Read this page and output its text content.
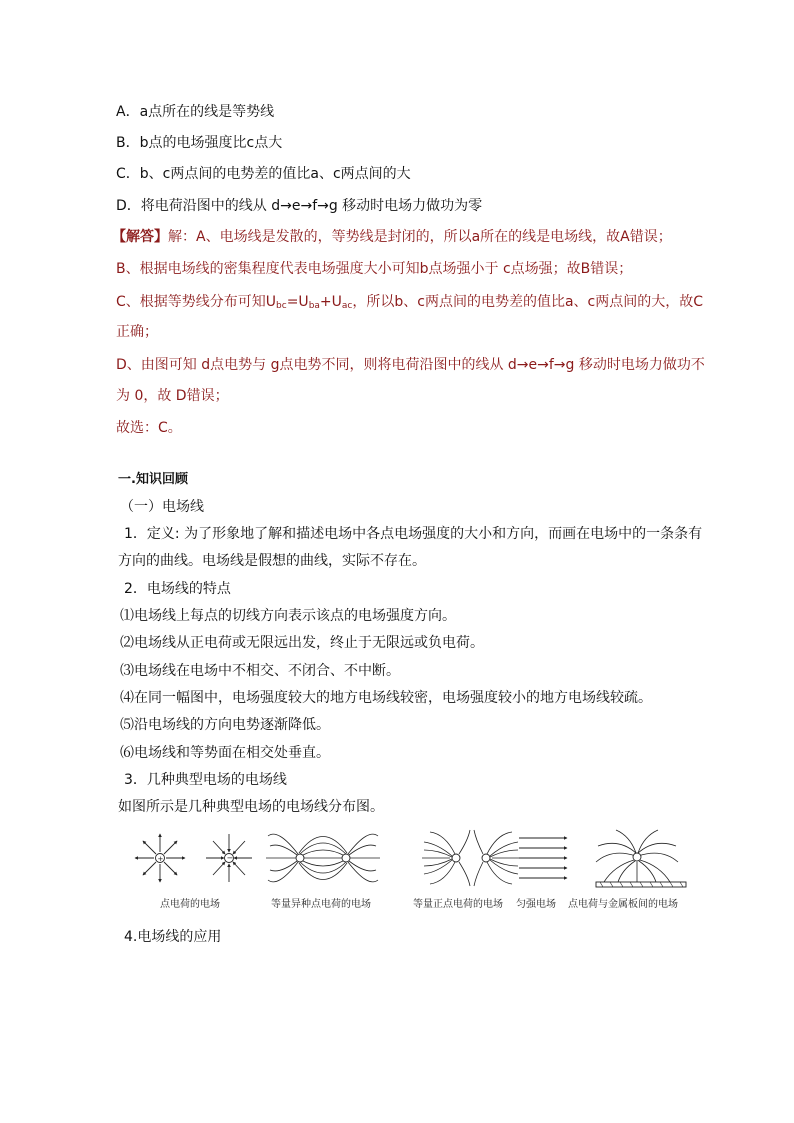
A．a点所在的线是等势线
B．b点的电场强度比c点大
C．b、c两点间的电势差的值比a、c两点间的大
D．将电荷沿图中的线从 d→e→f→g 移动时电场力做功为零
【解答】解：A、电场线是发散的，等势线是封闭的，所以a所在的线是电场线，故A错误；
B、根据电场线的密集程度代表电场强度大小可知b点场强小于 c点场强；故B错误；
C、根据等势线分布可知$U_{bc}=U_{ba}+U_{ac}$，所以b、c两点间的电势差的值比a、c两点间的大，故C
正确；
D、由图可知 d点电势与 g点电势不同，则将电荷沿图中的线从 d→e→f→g 移动时电场力做功不
为 0，故 D错误；
故选：C。
一.知识回顾
（一）电场线
1．定义: 为了形象地了解和描述电场中各点电场强度的大小和方向，而画在电场中的一条条有
方向的曲线。电场线是假想的曲线，实际不存在。
2．电场线的特点
⑴电场线上每点的切线方向表示该点的电场强度方向。
⑵电场线从正电荷或无限远出发，终止于无限远或负电荷。
⑶电场线在电场中不相交、不闭合、不中断。
⑷在同一幅图中，电场强度较大的地方电场线较密，电场强度较小的地方电场线较疏。
⑸沿电场线的方向电势逐渐降低。
⑹电场线和等势面在相交处垂直。
3．几种典型电场的电场线
如图所示是几种典型电场的电场线分布图。
+	−
点电荷的电场	等量异种点电荷的电场	等量正点电荷的电场 匀强电场 点电荷与金属板间的电场
4.电场线的应用
